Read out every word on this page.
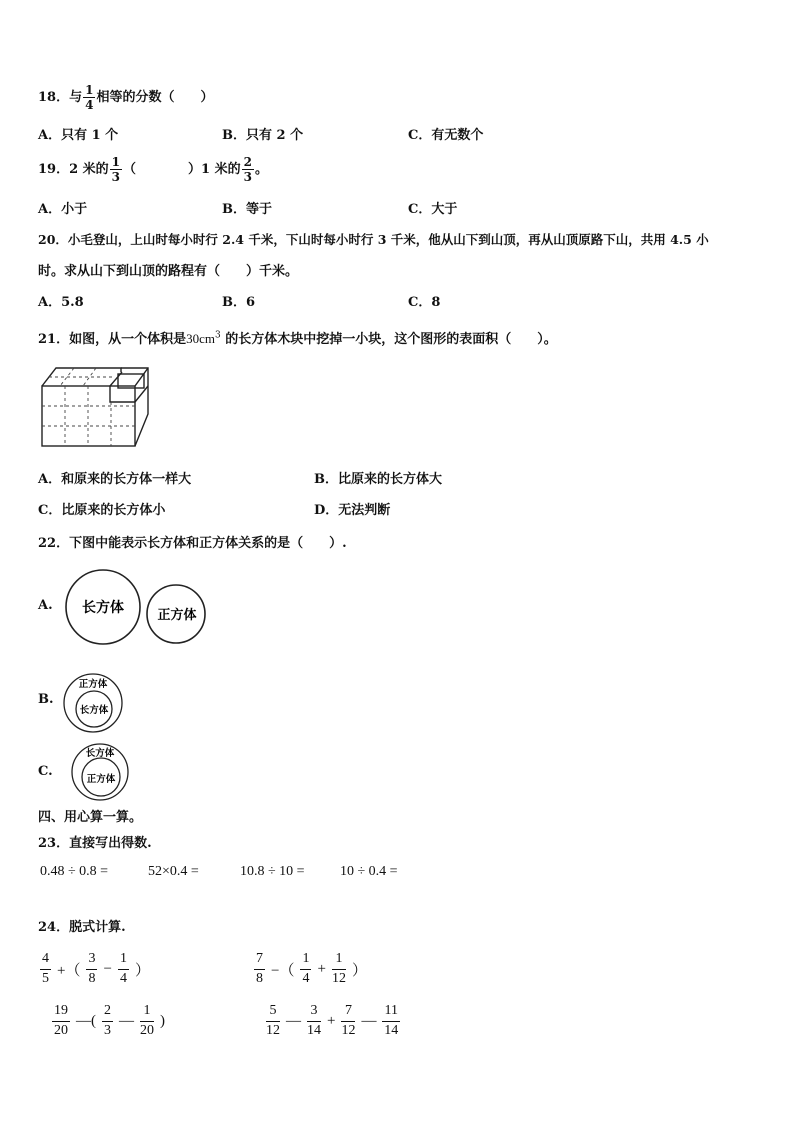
18．与 $\frac{1}{4}$ 相等的分数（　　）
A．只有 1 个	B．只有 2 个	C．有无数个
19．2 米的 $\frac{1}{3}$ （　　　　）1 米的 $\frac{2}{3}$ 。
A．小于	B．等于	C．大于
20．小毛登山，上山时每小时行 2.4 千米，下山时每小时行 3 千米，他从山下到山顶，再从山顶原路下山，共用 4.5 小
时。求从山下到山顶的路程有（　　）千米。
A．5.8	B．6	C．8
21．如图，从一个体积是$30cm^3$ 的长方体木块中挖掉一小块，这个图形的表面积（　　）。
A．和原来的长方体一样大	B．比原来的长方体大
C．比原来的长方体小	D．无法判断
22．下图中能表示长方体和正方体关系的是（　　）.
A. 长方体	正方体
B.
正方体
长方体
C.
长方体
正方体
四、用心算一算。
23．直接写出得数.
0.48 ÷ 0.8 =	52×0.4 =	10.8 ÷ 10 =	10 ÷ 0.4 =
24．脱式计算.
4
5 +（
3
8
− $\frac{1}{4}$ ）
7
8 −（
1
4
+ $\frac{1}{12}$ ）
19
20
—(
2
3
—
1
20
)
5
12
—
3
14
+ $\frac{7}{12}$ —
11
14
